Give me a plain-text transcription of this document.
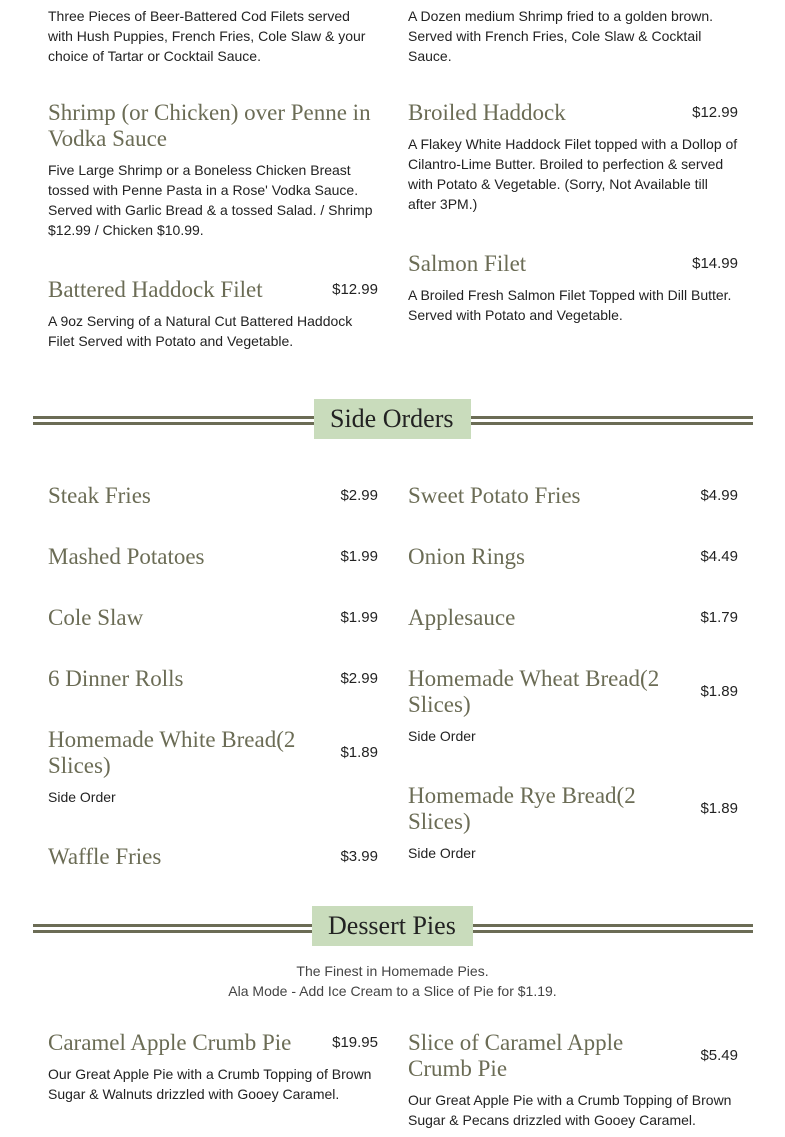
Three Pieces of Beer-Battered Cod Filets served with Hush Puppies, French Fries, Cole Slaw & your choice of Tartar or Cocktail Sauce.
A Dozen medium Shrimp fried to a golden brown. Served with French Fries, Cole Slaw & Cocktail Sauce.
Shrimp (or Chicken) over Penne in Vodka Sauce
Five Large Shrimp or a Boneless Chicken Breast tossed with Penne Pasta in a Rose' Vodka Sauce. Served with Garlic Bread & a tossed Salad. / Shrimp $12.99 / Chicken $10.99.
Battered Haddock Filet	$12.99
A 9oz Serving of a Natural Cut Battered Haddock Filet Served with Potato and Vegetable.
Broiled Haddock	$12.99
A Flakey White Haddock Filet topped with a Dollop of Cilantro-Lime Butter. Broiled to perfection & served with Potato & Vegetable. (Sorry, Not Available till after 3PM.)
Salmon Filet	$14.99
A Broiled Fresh Salmon Filet Topped with Dill Butter. Served with Potato and Vegetable.
Side Orders
Steak Fries	$2.99
Mashed Potatoes	$1.99
Cole Slaw	$1.99
6 Dinner Rolls	$2.99
Homemade White Bread(2 Slices)
$1.89
Side Order
Waffle Fries	$3.99
Sweet Potato Fries	$4.99
Onion Rings	$4.49
Applesauce	$1.79
Homemade Wheat Bread(2 Slices)
$1.89
Side Order
Homemade Rye Bread(2 Slices)
$1.89
Side Order
Dessert Pies
The Finest in Homemade Pies.
Ala Mode - Add Ice Cream to a Slice of Pie for $1.19.
Caramel Apple Crumb Pie	$19.95
Our Great Apple Pie with a Crumb Topping of Brown Sugar & Walnuts drizzled with Gooey Caramel.
Slice of Caramel Apple Crumb Pie
$5.49
Our Great Apple Pie with a Crumb Topping of Brown Sugar & Pecans drizzled with Gooey Caramel.
